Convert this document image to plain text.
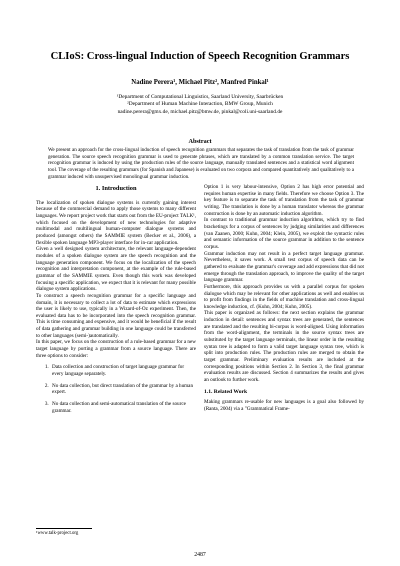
CLIoS: Cross-lingual Induction of Speech Recognition Grammars
Nadine Perera¹, Michael Pitz², Manfred Pinkal¹
¹Department of Computational Linguistics, Saarland University, Saarbrücken
²Department of Human Machine Interaction, BMW Group, Munich
nadine.perera@gmx.de, michael.pitz@bmw.de, pinkal@coli.uni-saarland.de
Abstract
We present an approach for the cross-lingual induction of speech recognition grammars that separates the task of translation from the task of grammar generation. The source speech recognition grammar is used to generate phrases, which are translated by a common translation service. The target recognition grammar is induced by using the production rules of the source language, manually translated sentences and a statistical word alignment tool. The coverage of the resulting grammars (for Spanish and Japanese) is evaluated on two corpora and compared quantitatively and qualitatively to a grammar induced with unsupervised monolingual grammar induction.
1. Introduction

The localization of spoken dialogue systems is currently gaining interest because of the commercial demand to apply those systems to many different languages. We report project work that starts out from the EU-project TALK¹, which focused on the development of new technologies for adaptive multimodal and multilingual human-computer dialogue systems and produced (amongst others) the SAMMIE system (Becker et al., 2006), a flexible spoken language MP3-player interface for in-car application.

Given a well designed system architecture, the relevant language-dependent modules of a spoken dialogue system are the speech recognition and the language generation component. We focus on the localization of the speech recognition and interpretation component, at the example of the rule-based grammar of the SAMMIE system. Even though this work was developed focusing a specific application, we expect that it is relevant for many possible dialogue system applications.

To construct a speech recognition grammar for a specific language and domain, it is necessary to collect a lot of data to estimate which expressions the user is likely to use, typically in a Wizard-of-Oz experiment. Then, the evaluated data has to be incorporated into the speech recognition grammar. This is time consuming and expensive, and it would be beneficial if the result of data gathering and grammar building in one language could be transferred to other languages (semi-)automatically.

In this paper, we focus on the construction of a rule-based grammar for a new target language by porting a grammar from a source language. There are three options to consider:

1. Data collection and construction of target language grammar for every language separately.
2. No data collection, but direct translation of the grammar by a human expert.
3. No data collection and semi-automatical translation of the source grammar.
¹www.talk-project.org

Option 1 is very labour-intensive, Option 2 has high error potential and requires human expertise in many fields. Therefore we choose Option 3. The key feature is to separate the task of translation from the task of grammar writing. The translation is done by a human translator whereas the grammar construction is done by an automatic induction algorithm.

In contrast to traditional grammar induction algorithms, which try to find bracketings for a corpus of sentences by judging similarities and differences (van Zaanen, 2000; Kuhn, 2004; Klein, 2005), we exploit the syntactic rules and semantic information of the source grammar in addition to the sentence corpus.

Grammar induction may not result in a perfect target language grammar. Nevertheless, it saves work. A small test corpus of speech data can be gathered to evaluate the grammar's coverage and add expressions that did not emerge through the translation approach, to improve the quality of the target language grammar.

Furthermore, this approach provides us with a parallel corpus for spoken dialogue which may be relevant for other applications as well and enables us to profit from findings in the fields of machine translation and cross-lingual knowledge induction, cf. (Kuhn, 2004; Kuhn, 2005).

This paper is organized as follows: the next section explains the grammar induction in detail: sentences and syntax trees are generated, the sentences are translated and the resulting bi-corpus is word-aligned. Using information from the word-alignment, the terminals in the source syntax trees are substituted by the target language terminals, the linear order in the resulting syntax tree is adapted to form a valid target language syntax tree, which is split into production rules. The production rules are merged to obtain the target grammar. Preliminary evaluation results are included at the corresponding positions within Section 2. In Section 3, the final grammar evaluation results are discussed. Section 4 summarizes the results and gives an outlook to further work.

1.1. Related Work

Making grammars re-usable for new languages is a goal also followed by (Ranta, 2004) via a "Grammatical Frame-

2487
